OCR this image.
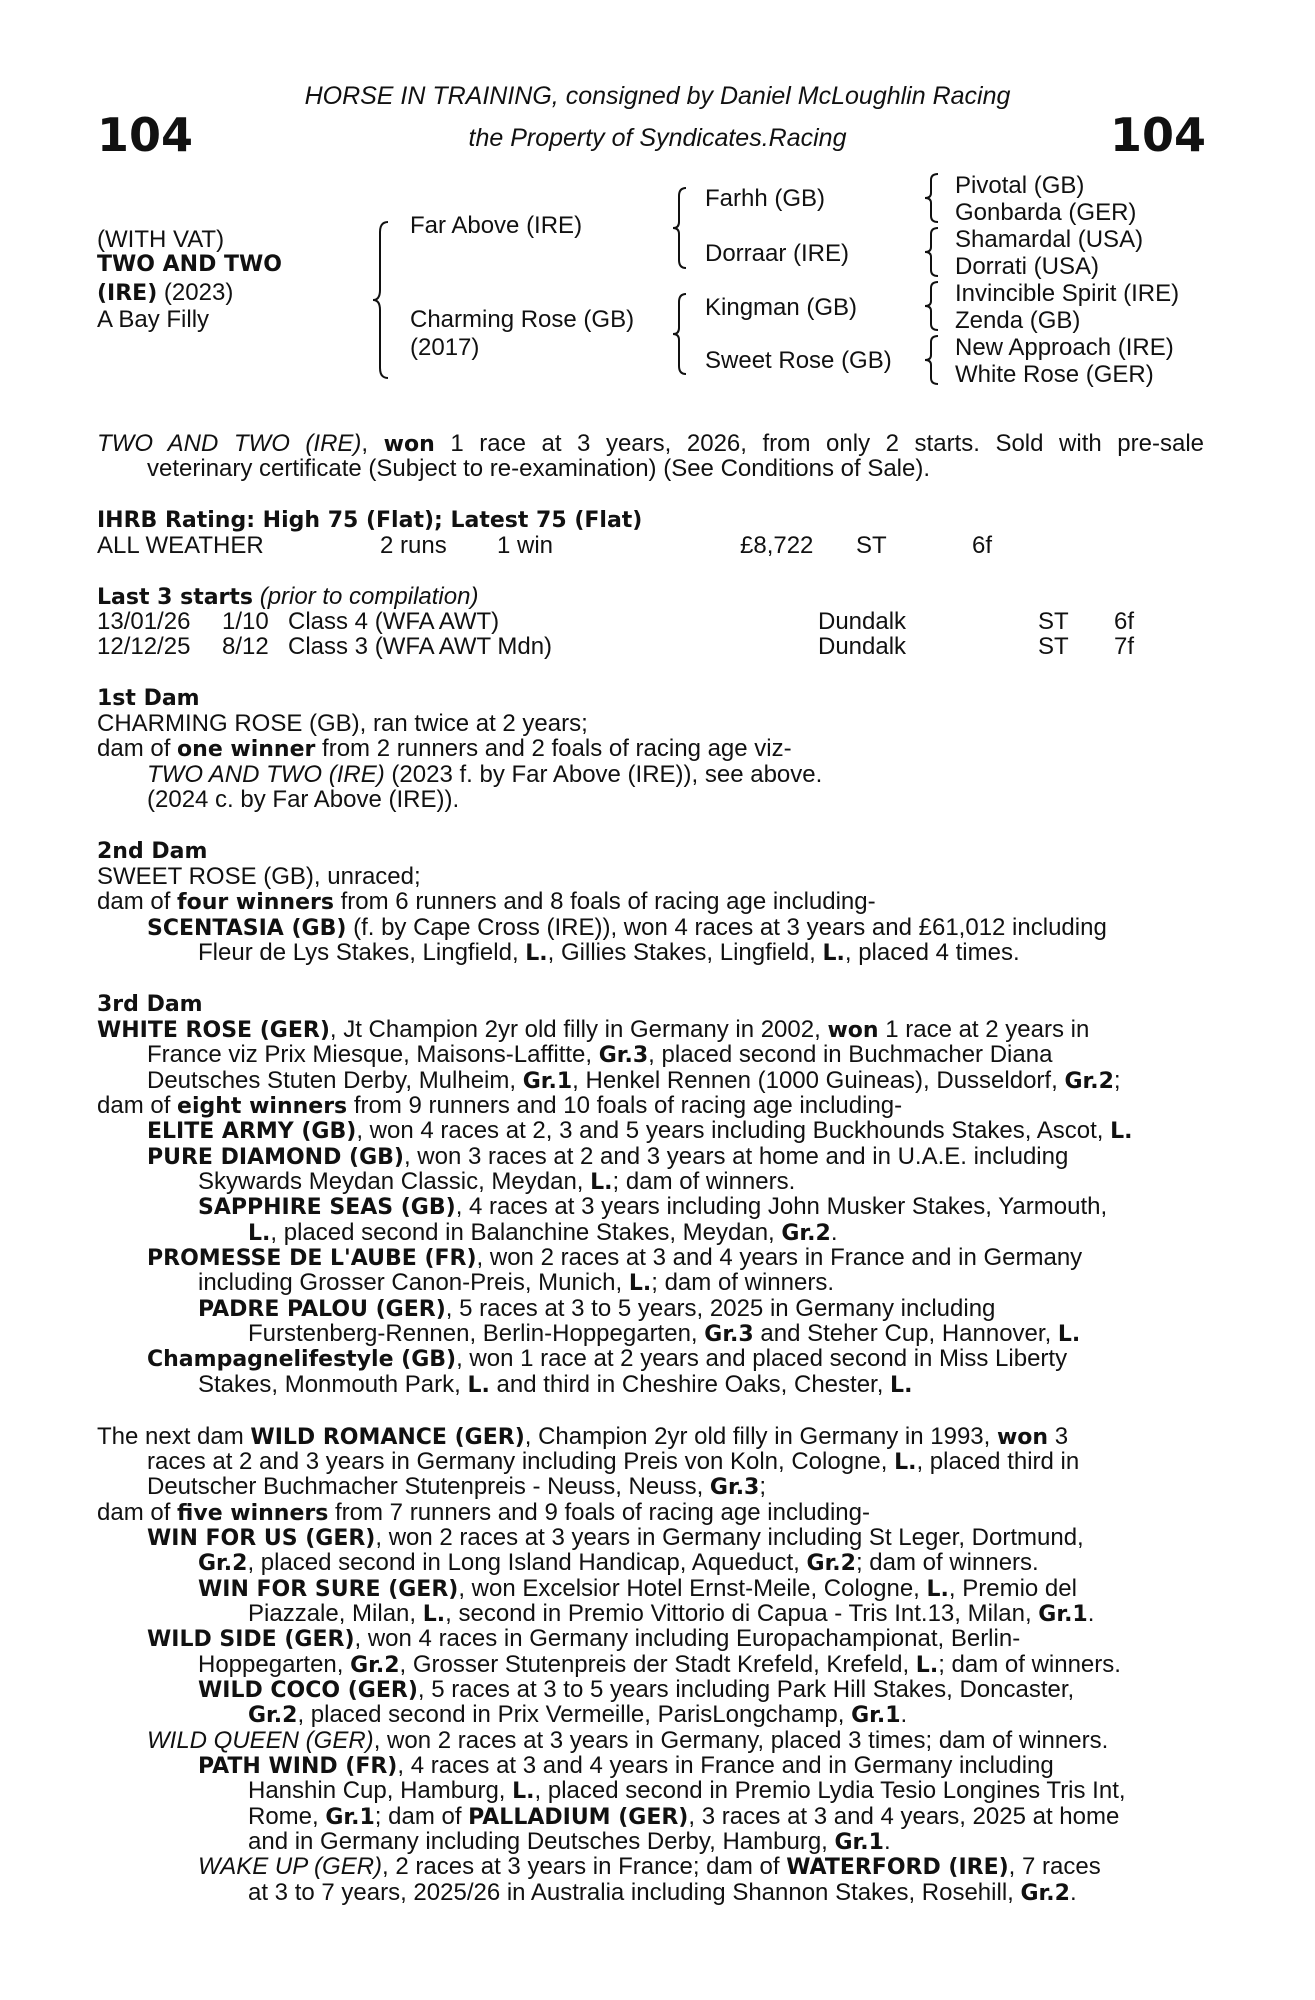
104	104
HORSE IN TRAINING, consigned by Daniel McLoughlin Racing
the Property of Syndicates.Racing
(WITH VAT)
TWO AND TWO
(IRE) (2023)
A Bay Filly
Far Above (IRE)
Charming Rose (GB)
(2017)
Farhh (GB)
Dorraar (IRE)
Kingman (GB)
Sweet Rose (GB)
Pivotal (GB)
Gonbarda (GER)
Shamardal (USA)
Dorrati (USA)
Invincible Spirit (IRE)
Zenda (GB)
New Approach (IRE)
White Rose (GER)
TWO AND TWO (IRE), won 1 race at 3 years, 2026, from only 2 starts. Sold with pre-sale
veterinary certificate (Subject to re-examination) (See Conditions of Sale).
IHRB Rating: High 75 (Flat); Latest 75 (Flat)
ALL WEATHER	2 runs 1 win	£8,722 ST	6f
Last 3 starts (prior to compilation)
13/01/26 1/10 Class 4 (WFA AWT)	Dundalk	ST 6f
12/12/25 8/12 Class 3 (WFA AWT Mdn)	Dundalk	ST 7f
1st Dam
CHARMING ROSE (GB), ran twice at 2 years;
dam of one winner from 2 runners and 2 foals of racing age viz-
TWO AND TWO (IRE) (2023 f. by Far Above (IRE)), see above.
(2024 c. by Far Above (IRE)).
2nd Dam
SWEET ROSE (GB), unraced;
dam of four winners from 6 runners and 8 foals of racing age including-
SCENTASIA (GB) (f. by Cape Cross (IRE)), won 4 races at 3 years and £61,012 including
Fleur de Lys Stakes, Lingfield, L., Gillies Stakes, Lingfield, L., placed 4 times.
3rd Dam
WHITE ROSE (GER), Jt Champion 2yr old filly in Germany in 2002, won 1 race at 2 years in
France viz Prix Miesque, Maisons-Laffitte, Gr.3, placed second in Buchmacher Diana
Deutsches Stuten Derby, Mulheim, Gr.1, Henkel Rennen (1000 Guineas), Dusseldorf, Gr.2;
dam of eight winners from 9 runners and 10 foals of racing age including-
ELITE ARMY (GB), won 4 races at 2, 3 and 5 years including Buckhounds Stakes, Ascot, L.
PURE DIAMOND (GB), won 3 races at 2 and 3 years at home and in U.A.E. including
Skywards Meydan Classic, Meydan, L.; dam of winners.
SAPPHIRE SEAS (GB), 4 races at 3 years including John Musker Stakes, Yarmouth,
L., placed second in Balanchine Stakes, Meydan, Gr.2.
PROMESSE DE L'AUBE (FR), won 2 races at 3 and 4 years in France and in Germany
including Grosser Canon-Preis, Munich, L.; dam of winners.
PADRE PALOU (GER), 5 races at 3 to 5 years, 2025 in Germany including
Furstenberg-Rennen, Berlin-Hoppegarten, Gr.3 and Steher Cup, Hannover, L.
Champagnelifestyle (GB), won 1 race at 2 years and placed second in Miss Liberty
Stakes, Monmouth Park, L. and third in Cheshire Oaks, Chester, L.
The next dam WILD ROMANCE (GER), Champion 2yr old filly in Germany in 1993, won 3
races at 2 and 3 years in Germany including Preis von Koln, Cologne, L., placed third in
Deutscher Buchmacher Stutenpreis - Neuss, Neuss, Gr.3;
dam of five winners from 7 runners and 9 foals of racing age including-
WIN FOR US (GER), won 2 races at 3 years in Germany including St Leger, Dortmund,
Gr.2, placed second in Long Island Handicap, Aqueduct, Gr.2; dam of winners.
WIN FOR SURE (GER), won Excelsior Hotel Ernst-Meile, Cologne, L., Premio del
Piazzale, Milan, L., second in Premio Vittorio di Capua - Tris Int.13, Milan, Gr.1.
WILD SIDE (GER), won 4 races in Germany including Europachampionat, Berlin-
Hoppegarten, Gr.2, Grosser Stutenpreis der Stadt Krefeld, Krefeld, L.; dam of winners.
WILD COCO (GER), 5 races at 3 to 5 years including Park Hill Stakes, Doncaster,
Gr.2, placed second in Prix Vermeille, ParisLongchamp, Gr.1.
WILD QUEEN (GER), won 2 races at 3 years in Germany, placed 3 times; dam of winners.
PATH WIND (FR), 4 races at 3 and 4 years in France and in Germany including
Hanshin Cup, Hamburg, L., placed second in Premio Lydia Tesio Longines Tris Int,
Rome, Gr.1; dam of PALLADIUM (GER), 3 races at 3 and 4 years, 2025 at home
and in Germany including Deutsches Derby, Hamburg, Gr.1.
WAKE UP (GER), 2 races at 3 years in France; dam of WATERFORD (IRE), 7 races
at 3 to 7 years, 2025/26 in Australia including Shannon Stakes, Rosehill, Gr.2.
